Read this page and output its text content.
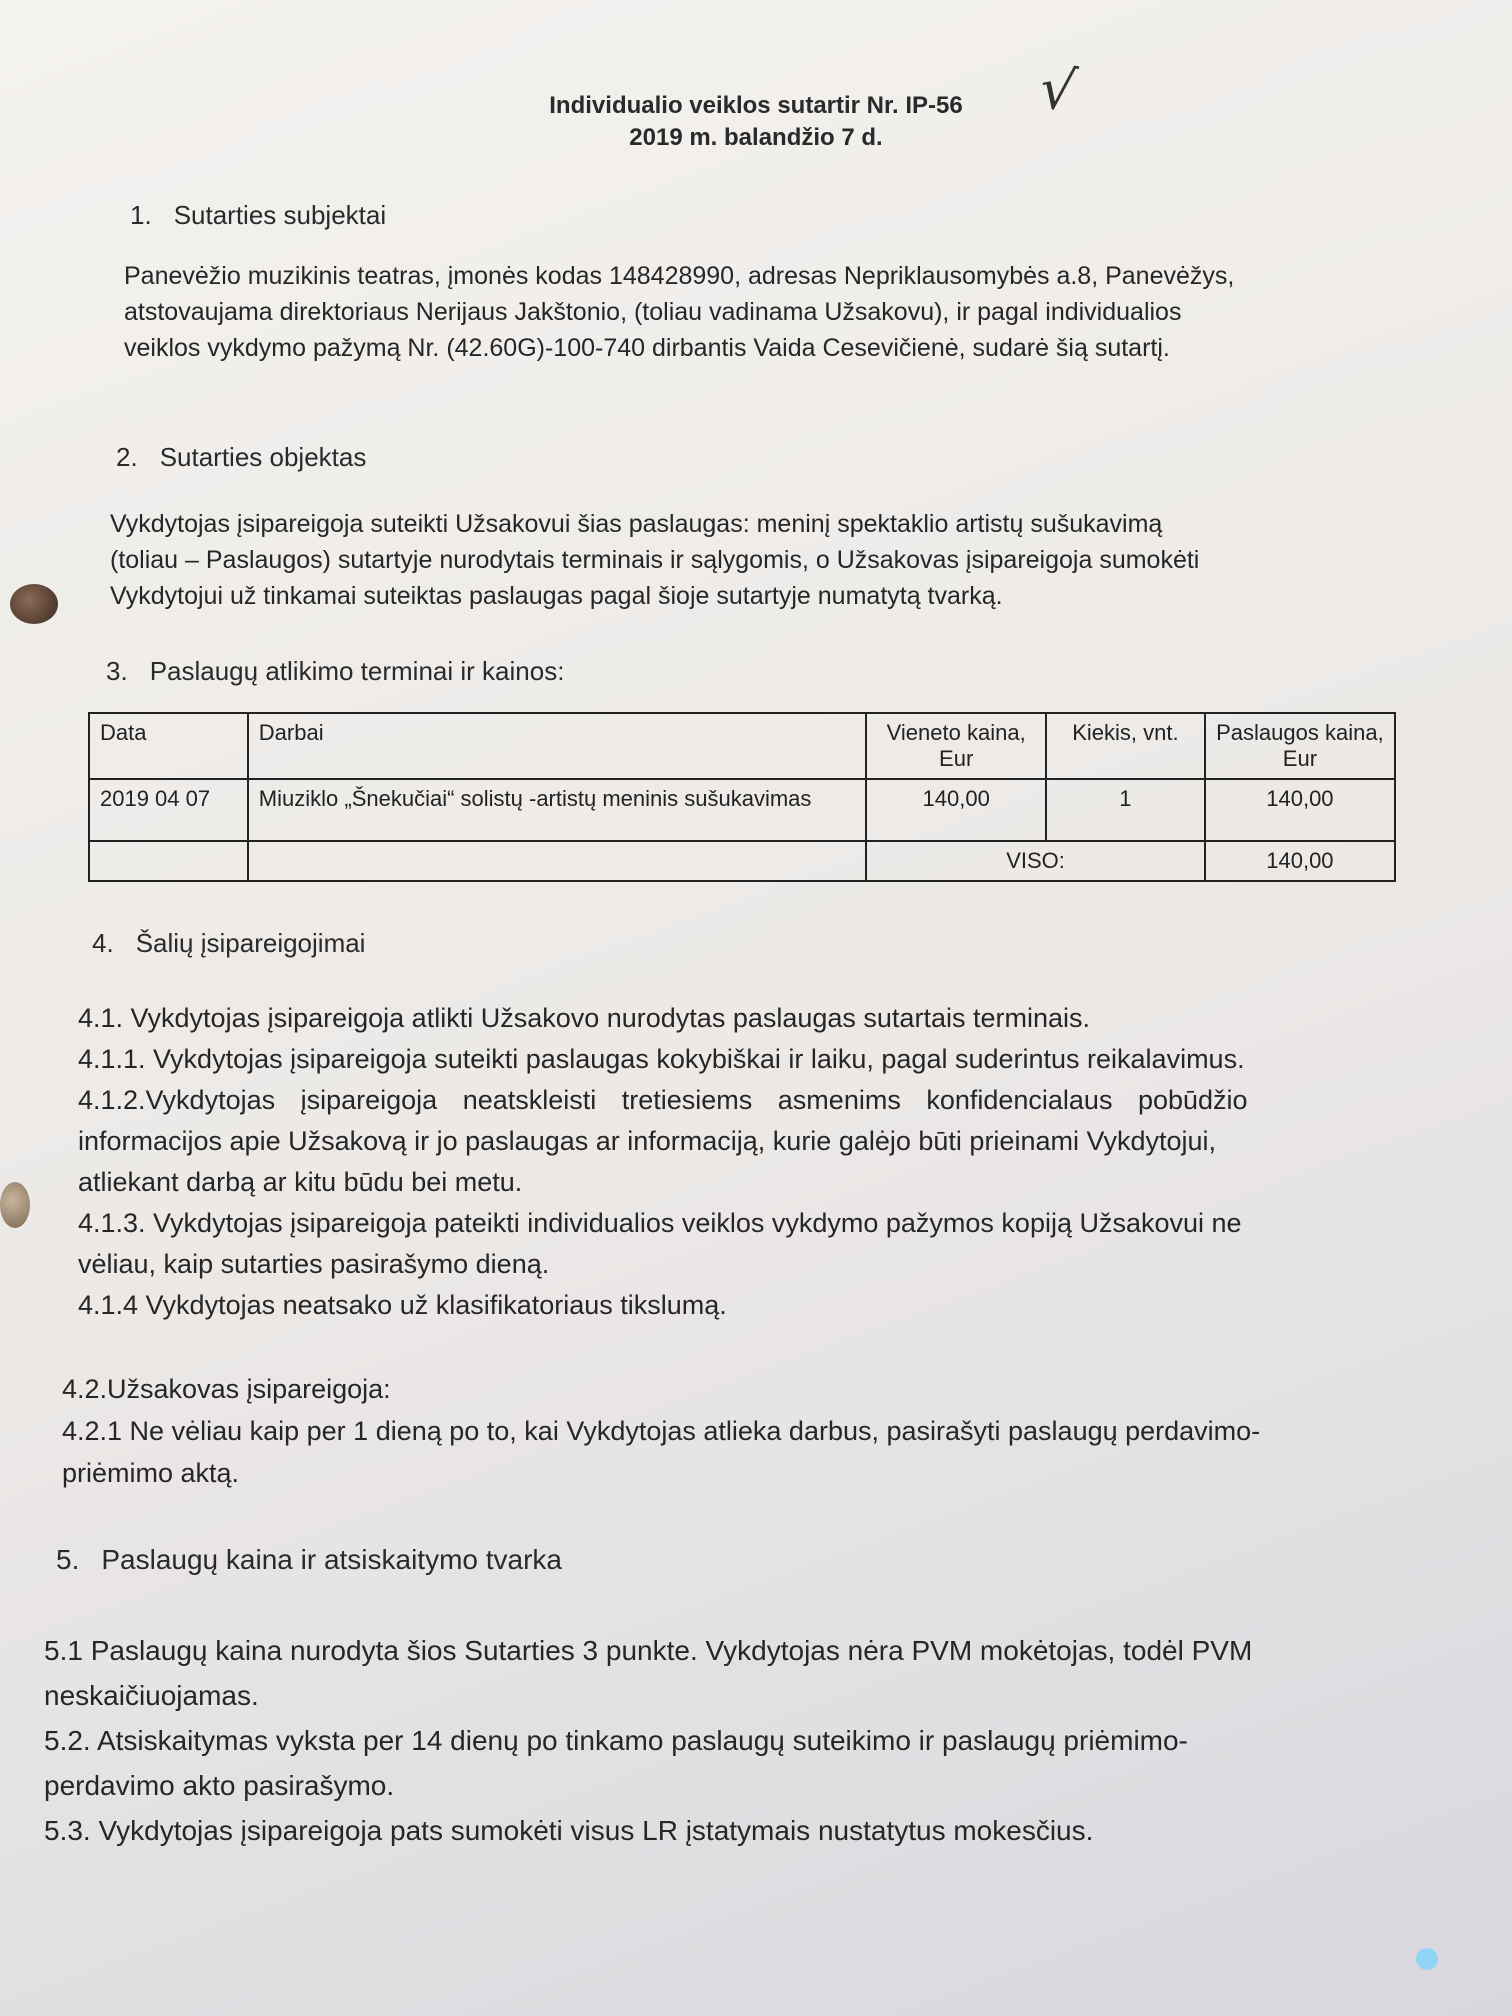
Individualio veiklos sutartir Nr. IP-56	√
2019 m. balandžio 7 d.
1. Sutarties subjektai
Panevėžio muzikinis teatras, įmonės kodas 148428990, adresas Nepriklausomybės a.8, Panevėžys,
atstovaujama direktoriaus Nerijaus Jakštonio, (toliau vadinama Užsakovu), ir pagal individualios
veiklos vykdymo pažymą Nr. (42.60G)-100-740 dirbantis Vaida Cesevičienė, sudarė šią sutartį.
2. Sutarties objektas
Vykdytojas įsipareigoja suteikti Užsakovui šias paslaugas: meninį spektaklio artistų sušukavimą
(toliau – Paslaugos) sutartyje nurodytais terminais ir sąlygomis, o Užsakovas įsipareigoja sumokėti
Vykdytojui už tinkamai suteiktas paslaugas pagal šioje sutartyje numatytą tvarką.
3. Paslaugų atlikimo terminai ir kainos:
Data	Darbai	Vieneto kaina, Eur	Kiekis, vnt.	Paslaugos kaina, Eur
2019 04 07	Miuziklo „Šnekučiai“ solistų -artistų meninis sušukavimas	140,00	1	140,00
		VISO:		140,00
4. Šalių įsipareigojimai
4.1. Vykdytojas įsipareigoja atlikti Užsakovo nurodytas paslaugas sutartais terminais.
4.1.1. Vykdytojas įsipareigoja suteikti paslaugas kokybiškai ir laiku, pagal suderintus reikalavimus.
4.1.2.Vykdytojas įsipareigoja neatskleisti tretiesiems asmenims konfidencialaus pobūdžio
informacijos apie Užsakovą ir jo paslaugas ar informaciją, kurie galėjo būti prieinami Vykdytojui,
atliekant darbą ar kitu būdu bei metu.
4.1.3. Vykdytojas įsipareigoja pateikti individualios veiklos vykdymo pažymos kopiją Užsakovui ne
vėliau, kaip sutarties pasirašymo dieną.
4.1.4 Vykdytojas neatsako už klasifikatoriaus tikslumą.
4.2.Užsakovas įsipareigoja:
4.2.1 Ne vėliau kaip per 1 dieną po to, kai Vykdytojas atlieka darbus, pasirašyti paslaugų perdavimo-
priėmimo aktą.
5. Paslaugų kaina ir atsiskaitymo tvarka
5.1 Paslaugų kaina nurodyta šios Sutarties 3 punkte. Vykdytojas nėra PVM mokėtojas, todėl PVM
neskaičiuojamas.
5.2. Atsiskaitymas vyksta per 14 dienų po tinkamo paslaugų suteikimo ir paslaugų priėmimo-
perdavimo akto pasirašymo.
5.3. Vykdytojas įsipareigoja pats sumokėti visus LR įstatymais nustatytus mokesčius.
